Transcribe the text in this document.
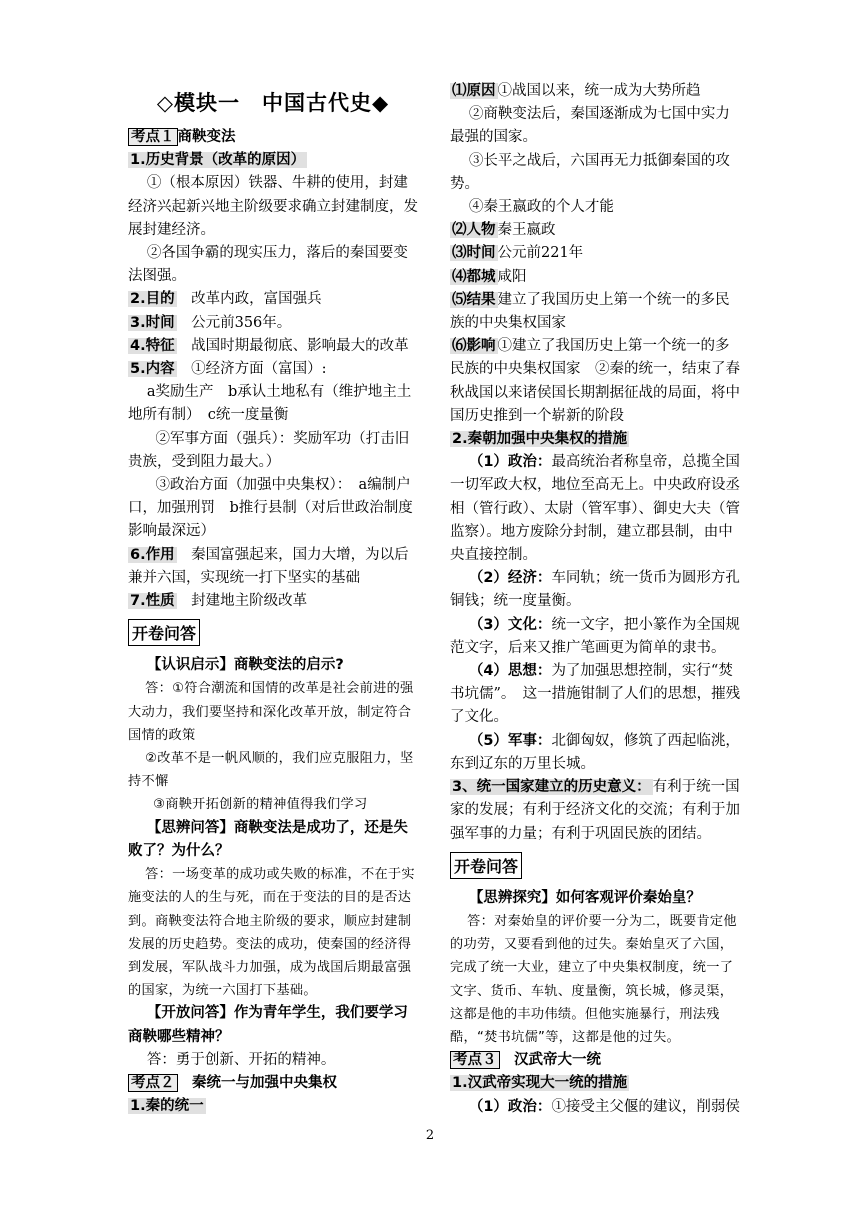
◇模块一　中国古代史◆

考点１ 商鞅变法

1.历史背景（改革的原因）

①（根本原因）铁器、牛耕的使用，封建经济兴起新兴地主阶级要求确立封建制度，发展封建经济。

②各国争霸的现实压力，落后的秦国要变法图强。

2.目的　 改革内政，富国强兵

3.时间　 公元前356年。

4.特征　 战国时期最彻底、影响最大的改革

5.内容　 ①经济方面（富国）:

a奖励生产　b承认土地私有（维护地主土地所有制）　c统一度量衡

②军事方面（强兵）：奖励军功（打击旧贵族，受到阻力最大。）

③政治方面（加强中央集权）：　a编制户口，加强刑罚　b推行县制（对后世政治制度影响最深远）

6.作用　 秦国富强起来，国力大增，为以后兼并六国，实现统一打下坚实的基础

7.性质　 封建地主阶级改革

开卷问答

【认识启示】商鞅变法的启示?

答：①符合潮流和国情的改革是社会前进的强大动力，我们要坚持和深化改革开放，制定符合国情的政策

②改革不是一帆风顺的，我们应克服阻力，坚持不懈

③商鞅开拓创新的精神值得我们学习

【思辨问答】商鞅变法是成功了，还是失败了？为什么？

答：一场变革的成功或失败的标准，不在于实施变法的人的生与死，而在于变法的目的是否达到。商鞅变法符合地主阶级的要求，顺应封建制发展的历史趋势。变法的成功，使秦国的经济得到发展，军队战斗力加强，成为战国后期最富强的国家，为统一六国打下基础。

【开放问答】作为青年学生，我们要学习商鞅哪些精神？

答：勇于创新、开拓的精神。

考点２　 秦统一与加强中央集权

1.秦的统一

⑴原因 ①战国以来，统一成为大势所趋

②商鞅变法后，秦国逐渐成为七国中实力最强的国家。

③长平之战后，六国再无力抵御秦国的攻势。

④秦王嬴政的个人才能

⑵人物 秦王嬴政

⑶时间 公元前221年

⑷都城 咸阳

⑸结果 建立了我国历史上第一个统一的多民族的中央集权国家

⑹影响 ①建立了我国历史上第一个统一的多民族的中央集权国家　②秦的统一，结束了春秋战国以来诸侯国长期割据征战的局面，将中国历史推到一个崭新的阶段

2.秦朝加强中央集权的措施

（1）政治：最高统治者称皇帝，总揽全国一切军政大权，地位至高无上。中央政府设丞相（管行政）、太尉（管军事）、御史大夫（管监察）。地方废除分封制，建立郡县制，由中央直接控制。

（2）经济：车同轨；统一货币为圆形方孔铜钱；统一度量衡。

（3）文化：统一文字，把小篆作为全国规范文字，后来又推广笔画更为简单的隶书。

（4）思想：为了加强思想控制，实行“焚书坑儒”。　这一措施钳制了人们的思想，摧残了文化。

（5）军事：北御匈奴，修筑了西起临洮，东到辽东的万里长城。

3、统一国家建立的历史意义： 有利于统一国家的发展；有利于经济文化的交流；有利于加强军事的力量；有利于巩固民族的团结。

开卷问答

【思辨探究】如何客观评价秦始皇？

答：对秦始皇的评价要一分为二，既要肯定他的功劳，又要看到他的过失。秦始皇灭了六国，完成了统一大业，建立了中央集权制度，统一了文字、货币、车轨、度量衡，筑长城，修灵渠，这都是他的丰功伟绩。但他实施暴行，刑法残酷，“焚书坑儒”等，这都是他的过失。

考点３　 汉武帝大一统

1.汉武帝实现大一统的措施

（1）政治：①接受主父偃的建议，削弱侯

2
